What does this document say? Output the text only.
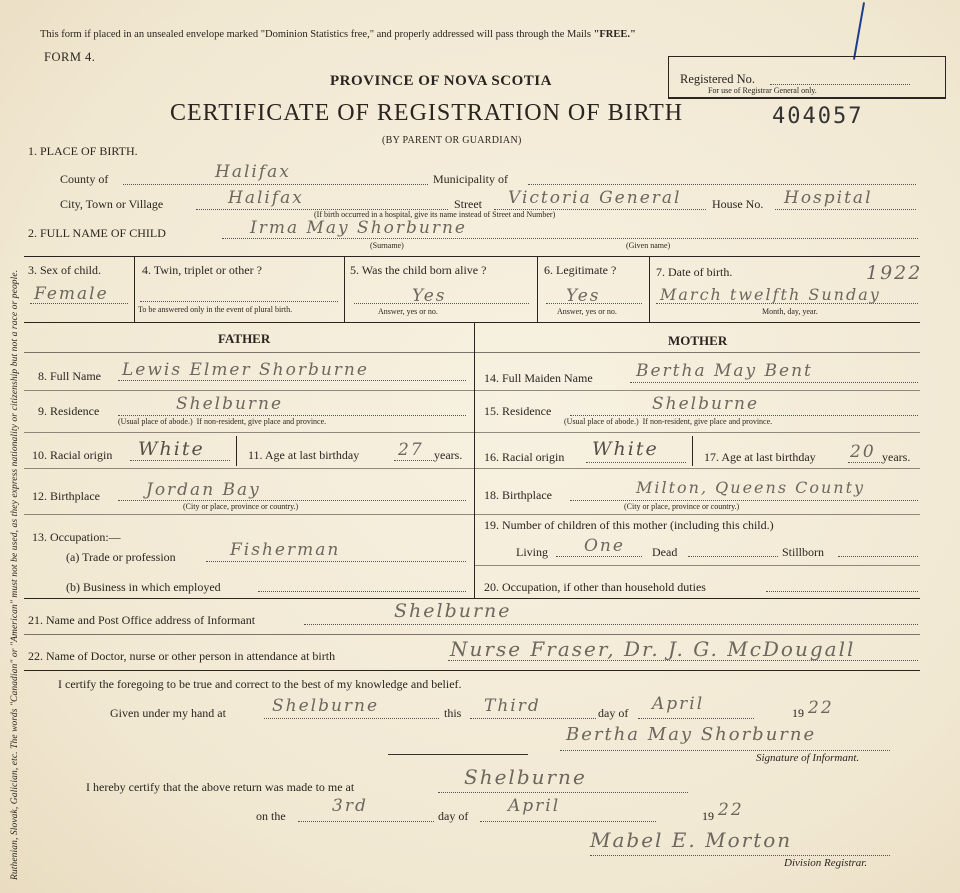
Ruthenian, Slovak, Galician, etc. The words "Canadian" or "American" must not be used, as they express nationality or citizenship but not a race or people.
This form if placed in an unsealed envelope marked "Dominion Statistics free," and properly addressed will pass through the Mails "FREE."
FORM 4.
PROVINCE OF NOVA SCOTIA
CERTIFICATE OF REGISTRATION OF BIRTH
(BY PARENT OR GUARDIAN)
Registered No.
For use of Registrar General only.
404057
1. PLACE OF BIRTH.
County of	Halifax	Municipality of
City, Town or Village	Halifax	Street Victoria General	House No. Hospital
(If birth occurred in a hospital, give its name instead of Street and Number)
2. FULL NAME OF CHILD	Irma May Shorburne
(Surname)	(Given name)
3. Sex of child.
Female
4. Twin, triplet or other ?
To be answered only in the event of plural birth.
5. Was the child born alive ?
Yes
Answer, yes or no.
6. Legitimate ?
Yes
Answer, yes or no.
7. Date of birth.	1922
March twelfth Sunday
Month, day, year.
FATHER	MOTHER
8. Full Name Lewis Elmer Shorburne
9. Residence	Shelburne
(Usual place of abode.) If non-resident, give place and province.
10. Racial origin White	11. Age at last birthday 27 years.
12. Birthplace	Jordan Bay
(City or place, province or country.)
13. Occupation:—
(a) Trade or profession	Fisherman
(b) Business in which employed
14. Full Maiden Name	Bertha May Bent
15. Residence	Shelburne
(Usual place of abode.) If non-resident, give place and province.
16. Racial origin White	17. Age at last birthday 20 years.
18. Birthplace	Milton, Queens County
(City or place, province or country.)
19. Number of children of this mother (including this child.)
Living One Dead	Stillborn
20. Occupation, if other than household duties
21. Name and Post Office address of Informant	Shelburne
22. Name of Doctor, nurse or other person in attendance at birth	Nurse Fraser, Dr. J. G. McDougall
I certify the foregoing to be true and correct to the best of my knowledge and belief.
Given under my hand at	Shelburne	this Third	day of April	19 22
Bertha May Shorburne
Signature of Informant.
I hereby certify that the above return was made to me at	Shelburne
on the	3rd	day of April	19 22
Mabel E. Morton
Division Registrar.
